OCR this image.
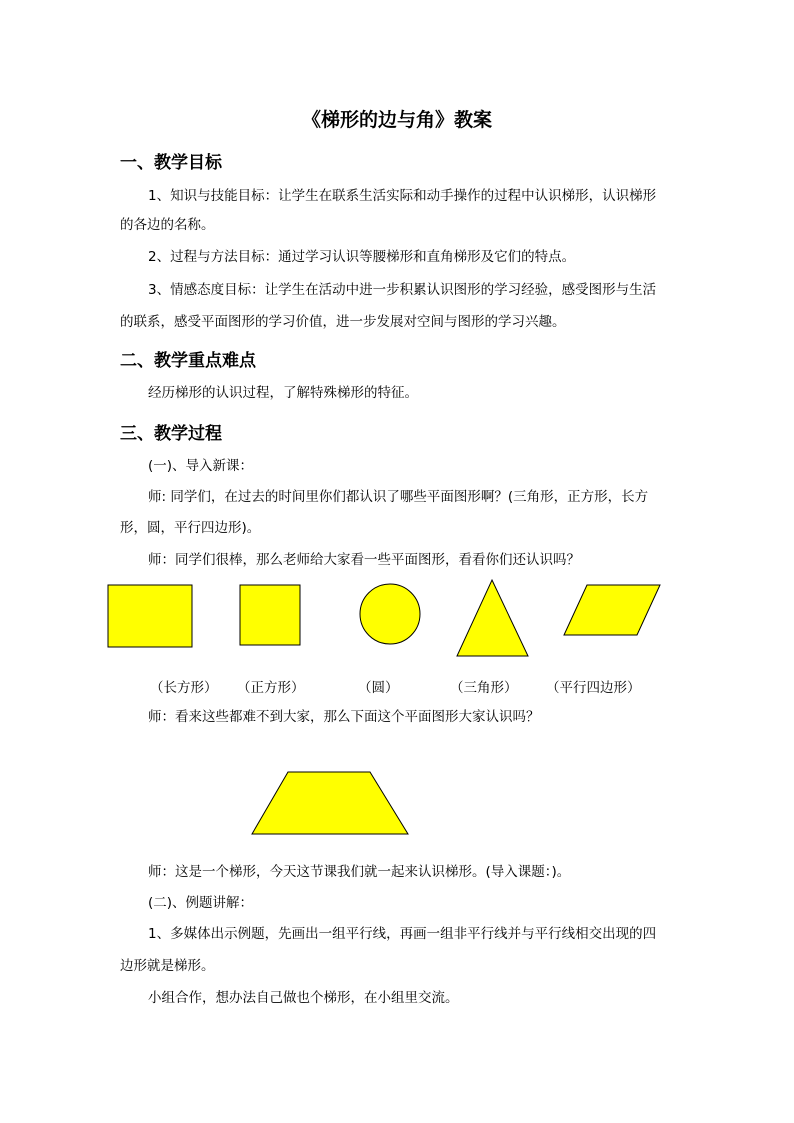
《梯形的边与角》教案
一、教学目标
1、知识与技能目标：让学生在联系生活实际和动手操作的过程中认识梯形，认识梯形
的各边的名称。
2、过程与方法目标：通过学习认识等腰梯形和直角梯形及它们的特点。
3、情感态度目标：让学生在活动中进一步积累认识图形的学习经验，感受图形与生活
的联系，感受平面图形的学习价值，进一步发展对空间与图形的学习兴趣。
二、教学重点难点
经历梯形的认识过程，了解特殊梯形的特征。
三、教学过程
(一)、导入新课：
师: 同学们，在过去的时间里你们都认识了哪些平面图形啊？(三角形，正方形，长方
形，圆，平行四边形)。
师：同学们很棒，那么老师给大家看一些平面图形，看看你们还认识吗？
（长方形） （正方形）	（圆）	（三角形） （平行四边形）
师：看来这些都难不到大家，那么下面这个平面图形大家认识吗？
师：这是一个梯形，今天这节课我们就一起来认识梯形。(导入课题：)。
(二)、例题讲解：
1、多媒体出示例题，先画出一组平行线，再画一组非平行线并与平行线相交出现的四
边形就是梯形。
小组合作，想办法自己做也个梯形，在小组里交流。
